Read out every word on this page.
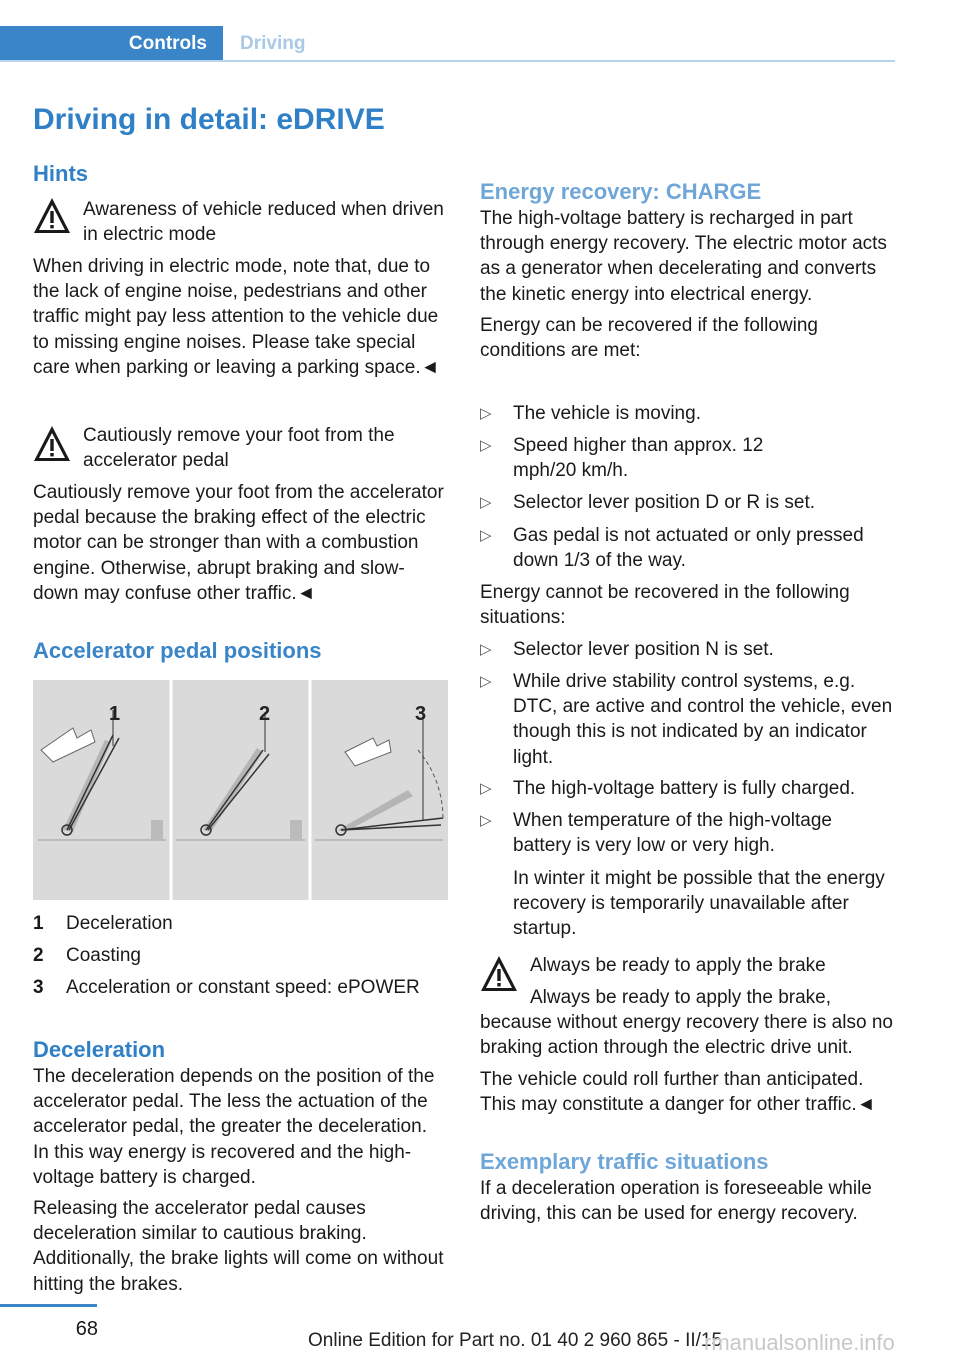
Controls	Driving
Driving in detail: eDRIVE
Hints

Awareness of vehicle reduced when driven in electric mode

When driving in electric mode, note that, due to the lack of engine noise, pedestrians and other traffic might pay less attention to the vehicle due to missing engine noises. Please take special care when parking or leaving a parking space.◄

Cautiously remove your foot from the accelerator pedal

Cautiously remove your foot from the accelerator pedal because the braking effect of the electric motor can be stronger than with a combustion engine. Otherwise, abrupt braking and slow-down may confuse other traffic.◄

Accelerator pedal positions
1	2	3
1 Deceleration
2 Coasting
3 Acceleration or constant speed: ePOWER
Deceleration

The deceleration depends on the position of the accelerator pedal. The less the actuation of the accelerator pedal, the greater the deceleration. In this way energy is recovered and the high-voltage battery is charged.

Releasing the accelerator pedal causes deceleration similar to cautious braking. Additionally, the brake lights will come on without hitting the brakes.

Energy recovery: CHARGE

The high-voltage battery is recharged in part through energy recovery. The electric motor acts as a generator when decelerating and converts the kinetic energy into electrical energy.

Energy can be recovered if the following conditions are met:

▷ The vehicle is moving.
▷ Speed higher than approx. 12 mph/20 km/h.
▷ Selector lever position D or R is set.
▷ Gas pedal is not actuated or only pressed down 1/3 of the way.

Energy cannot be recovered in the following situations:

▷ Selector lever position N is set.
▷ While drive stability control systems, e.g. DTC, are active and control the vehicle, even though this is not indicated by an indicator light.
▷ The high-voltage battery is fully charged.
▷ When temperature of the high-voltage battery is very low or very high.

In winter it might be possible that the energy recovery is temporarily unavailable after startup.

Always be ready to apply the brake

Always be ready to apply the brake, because without energy recovery there is also no braking action through the electric drive unit.

The vehicle could roll further than anticipated. This may constitute a danger for other traffic.◄

Exemplary traffic situations

If a deceleration operation is foreseeable while driving, this can be used for energy recovery.

68
Online Edition for Part no. 01 40 2 960 865 - II/15
rmanualsonline.info
